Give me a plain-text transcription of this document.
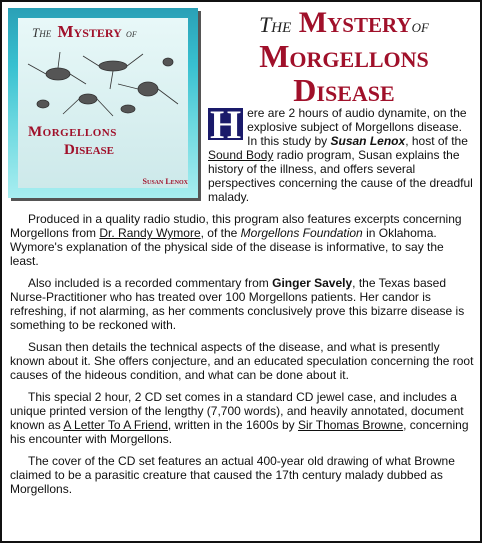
The Mystery of
Morgellons
Disease
Susan Lenox
The Mysteryof
Morgellons
Disease

H ere are 2 hours of audio dynamite, on the explosive subject of Morgellons disease. In this study by Susan Lenox, host of the Sound Body radio program, Susan explains the history of the illness, and offers several perspectives concerning the cause of the dreadful malady.

Produced in a quality radio studio, this program also features excerpts concerning Morgellons from Dr. Randy Wymore, of the Morgellons Foundation in Oklahoma. Wymore's explanation of the physical side of the disease is informative, to say the least.

Also included is a recorded commentary from Ginger Savely, the Texas based Nurse-Practitioner who has treated over 100 Morgellons patients. Her candor is refreshing, if not alarming, as her comments conclusively prove this bizarre disease is something to be reckoned with.

Susan then details the technical aspects of the disease, and what is presently known about it. She offers conjecture, and an educated speculation concerning the root causes of the hideous condition, and what can be done about it.

This special 2 hour, 2 CD set comes in a standard CD jewel case, and includes a unique printed version of the lengthy (7,700 words), and heavily annotated, document known as A Letter To A Friend, written in the 1600s by Sir Thomas Browne, concerning his encounter with Morgellons.

The cover of the CD set features an actual 400-year old drawing of what Browne claimed to be a parasitic creature that caused the 17th century malady dubbed as Morgellons.
